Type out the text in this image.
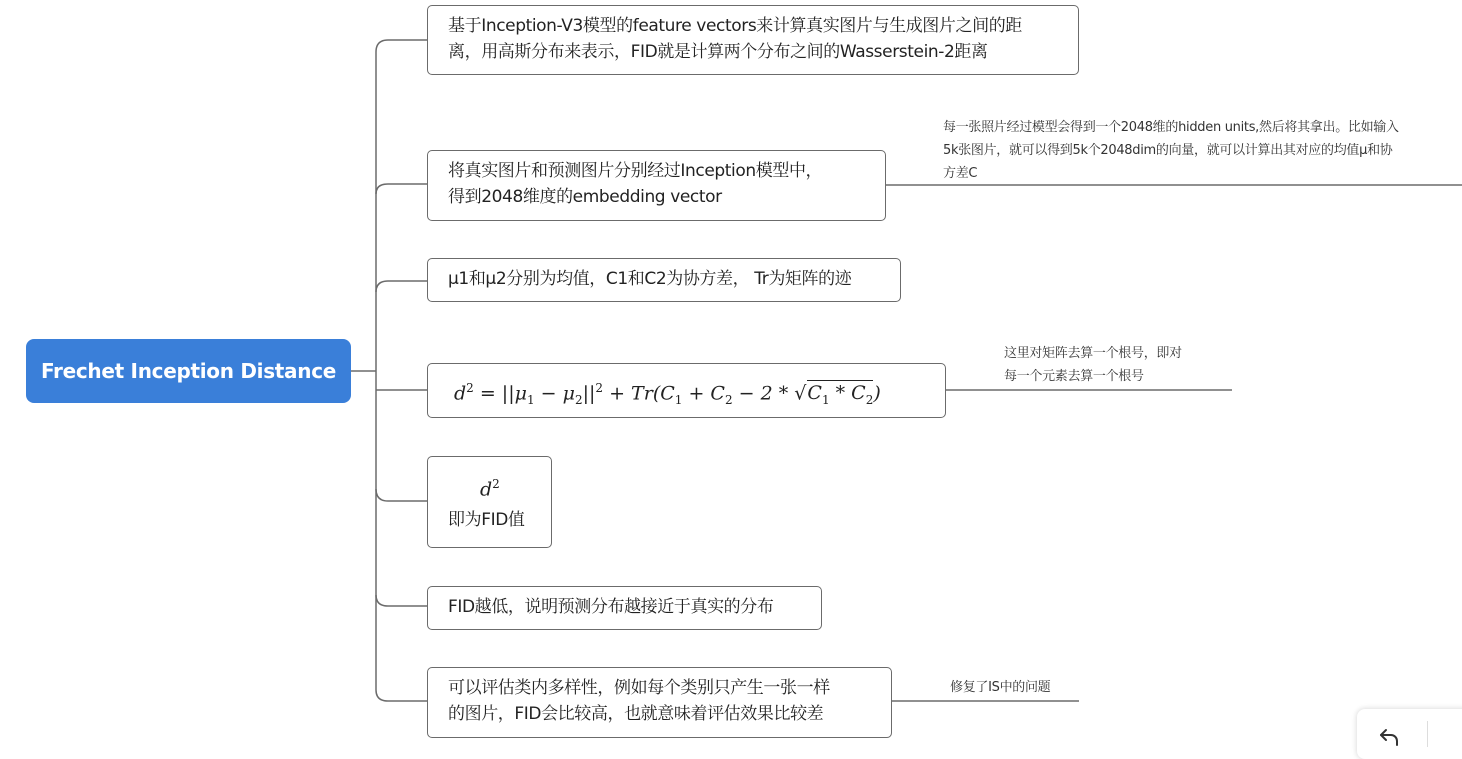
Frechet Inception Distance
基于Inception-V3模型的feature vectors来计算真实图片与生成图片之间的距
离，用高斯分布来表示，FID就是计算两个分布之间的Wasserstein-2距离
将真实图片和预测图片分别经过Inception模型中，
得到2048维度的embedding vector
每一张照片经过模型会得到一个2048维的hidden units,然后将其拿出。比如输入
5k张图片，就可以得到5k个2048dim的向量，就可以计算出其对应的均值μ和协
方差C
μ1和μ2分别为均值，C1和C2为协方差， Tr为矩阵的迹
$d^2 = ||\mu_1 - \mu_2||^2 + Tr(C_1 + C_2 - 2 * √C_1 * C_2)$
这里对矩阵去算一个根号，即对
每一个元素去算一个根号
$d^2$
即为FID值
FID越低，说明预测分布越接近于真实的分布
可以评估类内多样性，例如每个类别只产生一张一样
的图片，FID会比较高，也就意味着评估效果比较差
修复了IS中的问题
